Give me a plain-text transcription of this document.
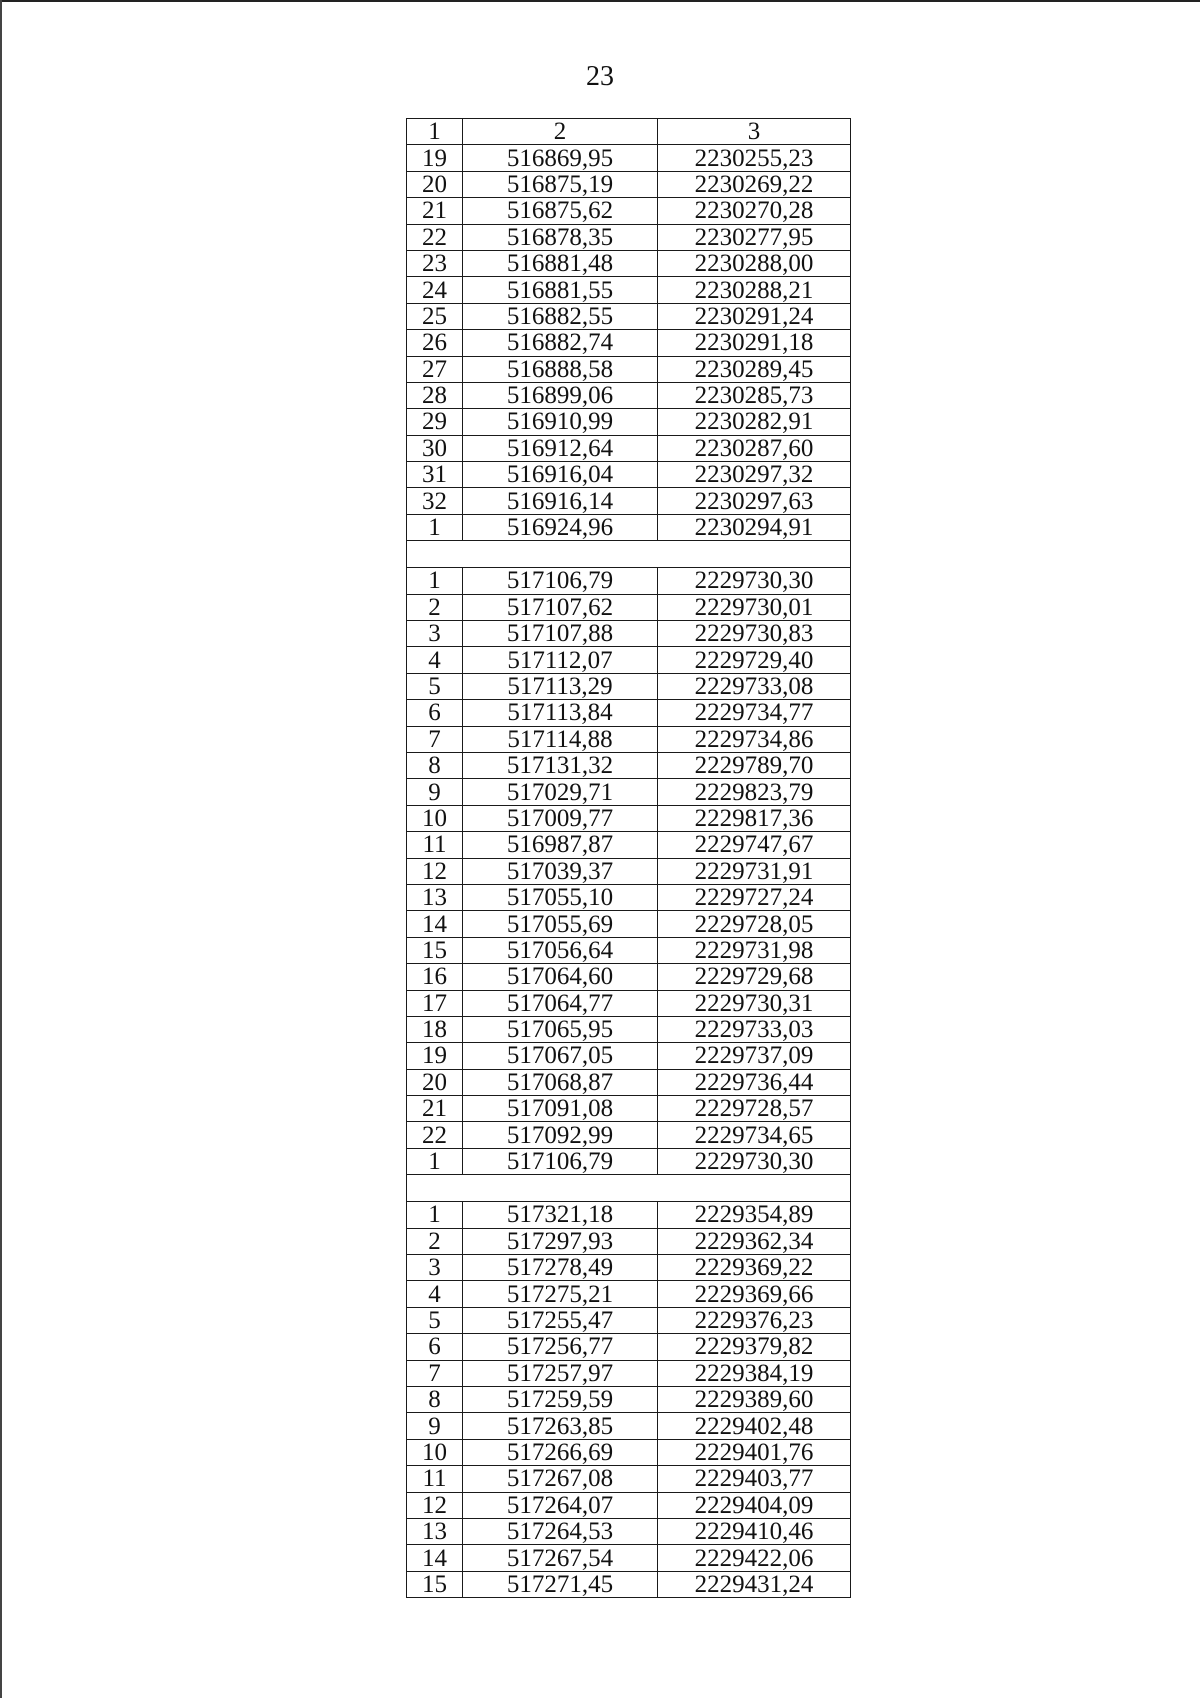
23
1	2	3
19	516869,95	2230255,23
20	516875,19	2230269,22
21	516875,62	2230270,28
22	516878,35	2230277,95
23	516881,48	2230288,00
24	516881,55	2230288,21
25	516882,55	2230291,24
26	516882,74	2230291,18
27	516888,58	2230289,45
28	516899,06	2230285,73
29	516910,99	2230282,91
30	516912,64	2230287,60
31	516916,04	2230297,32
32	516916,14	2230297,63
1	516924,96	2230294,91

1	517106,79	2229730,30
2	517107,62	2229730,01
3	517107,88	2229730,83
4	517112,07	2229729,40
5	517113,29	2229733,08
6	517113,84	2229734,77
7	517114,88	2229734,86
8	517131,32	2229789,70
9	517029,71	2229823,79
10	517009,77	2229817,36
11	516987,87	2229747,67
12	517039,37	2229731,91
13	517055,10	2229727,24
14	517055,69	2229728,05
15	517056,64	2229731,98
16	517064,60	2229729,68
17	517064,77	2229730,31
18	517065,95	2229733,03
19	517067,05	2229737,09
20	517068,87	2229736,44
21	517091,08	2229728,57
22	517092,99	2229734,65
1	517106,79	2229730,30

1	517321,18	2229354,89
2	517297,93	2229362,34
3	517278,49	2229369,22
4	517275,21	2229369,66
5	517255,47	2229376,23
6	517256,77	2229379,82
7	517257,97	2229384,19
8	517259,59	2229389,60
9	517263,85	2229402,48
10	517266,69	2229401,76
11	517267,08	2229403,77
12	517264,07	2229404,09
13	517264,53	2229410,46
14	517267,54	2229422,06
15	517271,45	2229431,24
